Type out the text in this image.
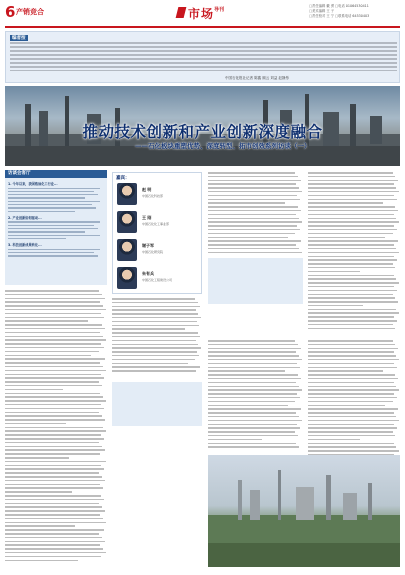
6 产销竞合	市场 导刊
□责任编辑 戴 勇 □电话 01064530411
□美术编辑 王 子
□责任校对 王 宁 □联系电话 64530403
编者按
中国石化报社记者 陈鑫 顾云 刘益 赵静彤
推动技术创新和产业创新深度融合
——石化板块重塑优势、深度转型、拓市创效系列访谈（一）
访谈会客厅
1. 今年以来，我国炼油化工行业...
2. 产业创新如何驱动...
3. 科技创新成果转化...
嘉宾：
赵 明
中国石化科技部
王 刚
中国石化化工事业部
谢子军
中国石化研究院
朱有兵
中国石化工程建设公司
